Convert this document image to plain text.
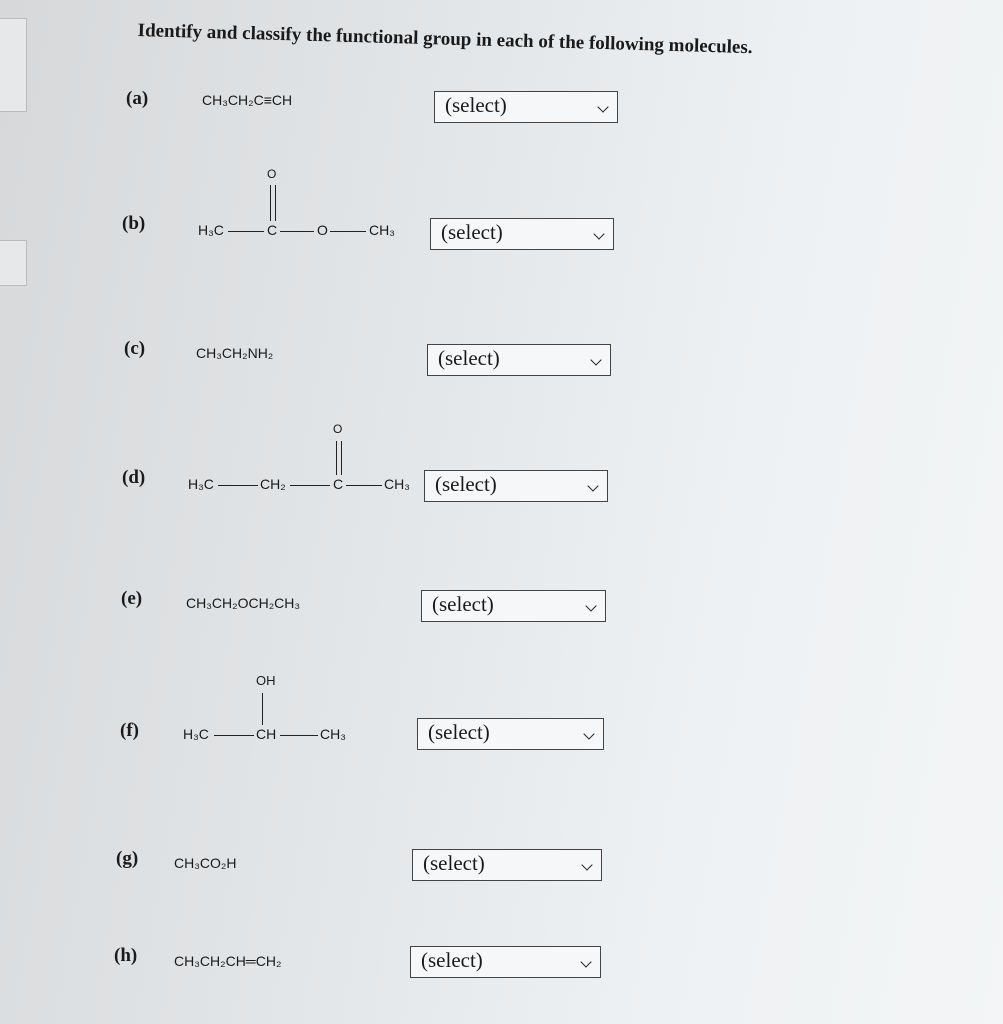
Identify and classify the functional group in each of the following molecules.
(a)	CH₃CH₂C≡CH	(select)
(b)	H₃C	C	O	CH₃
O
(select)
(c)	CH₃CH₂NH₂	(select)
(d)	H₃C	CH₂	C	CH₃
O
(select)
(e)	CH₃CH₂OCH₂CH₃	(select)
(f)	H₃C	CH	CH₃
OH
(select)
(g)	CH₃CO₂H	(select)
(h)	CH₃CH₂CH═CH₂	(select)
